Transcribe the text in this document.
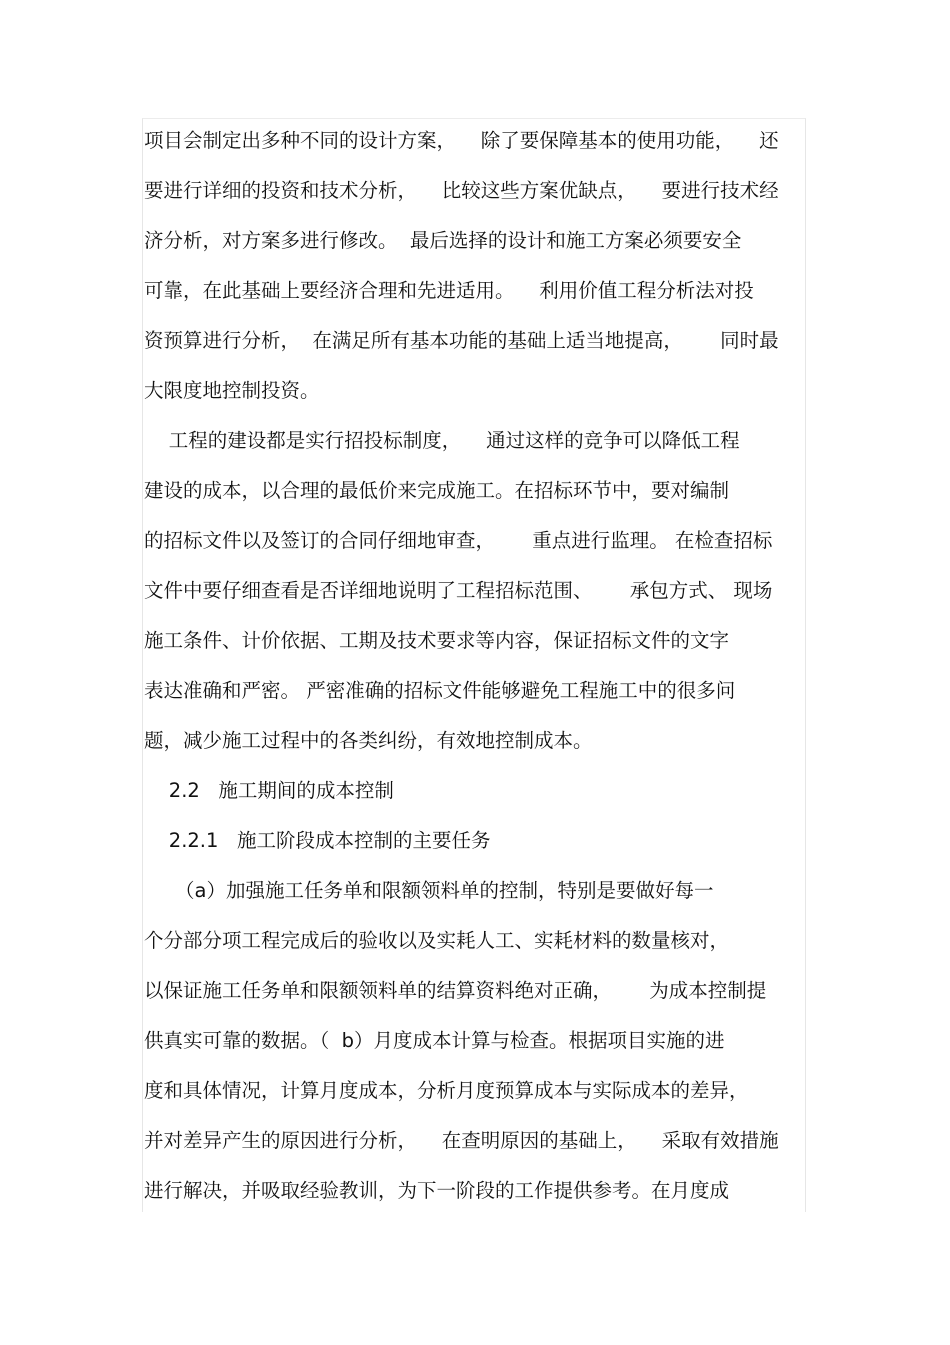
项目会制定出多种不同的设计方案，    除了要保障基本的使用功能，    还
要进行详细的投资和技术分析，    比较这些方案优缺点，    要进行技术经
济分析，对方案多进行修改。  最后选择的设计和施工方案必须要安全
可靠，在此基础上要经济合理和先进适用。    利用价值工程分析法对投
资预算进行分析，  在满足所有基本功能的基础上适当地提高，      同时最
大限度地控制投资。
工程的建设都是实行招投标制度，    通过这样的竞争可以降低工程
建设的成本，以合理的最低价来完成施工。在招标环节中，要对编制
的招标文件以及签订的合同仔细地审查，      重点进行监理。 在检查招标
文件中要仔细查看是否详细地说明了工程招标范围、      承包方式、 现场
施工条件、计价依据、工期及技术要求等内容，保证招标文件的文字
表达准确和严密。 严密准确的招标文件能够避免工程施工中的很多问
题，减少施工过程中的各类纠纷，有效地控制成本。
2.2   施工期间的成本控制
2.2.1   施工阶段成本控制的主要任务
（a）加强施工任务单和限额领料单的控制，特别是要做好每一
个分部分项工程完成后的验收以及实耗人工、实耗材料的数量核对，
以保证施工任务单和限额领料单的结算资料绝对正确，      为成本控制提
供真实可靠的数据。（  b）月度成本计算与检查。根据项目实施的进
度和具体情况，计算月度成本，分析月度预算成本与实际成本的差异，
并对差异产生的原因进行分析，    在查明原因的基础上，    采取有效措施
进行解决，并吸取经验教训，为下一阶段的工作提供参考。在月度成
